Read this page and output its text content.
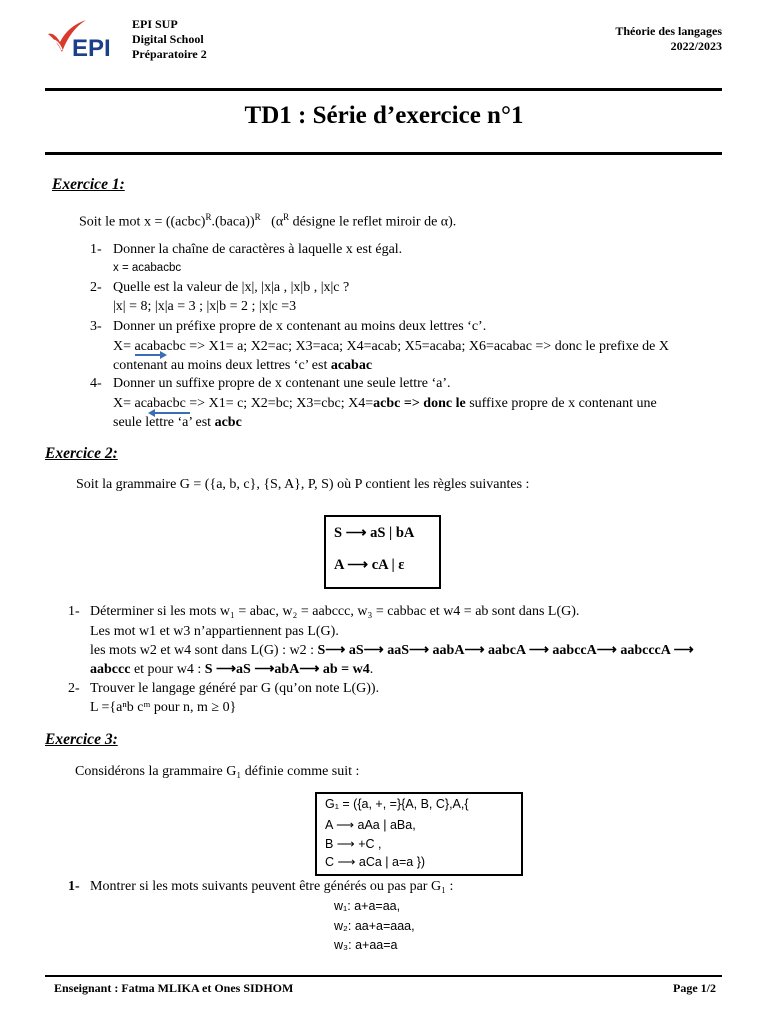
EPI
EPI SUP
Digital School
Préparatoire 2
Théorie des langages
2022/2023
TD1 : Série d’exercice n°1
Exercice 1:
Soit le mot x = ((acbc)$^R$.(baca))$^R$ ($\alpha^R$ désigne le reflet miroir de α).
1- Donner la chaîne de caractères à laquelle x est égal.
x = acabacbc
2- Quelle est la valeur de |x|, |x|a , |x|b , |x|c ?
|x| = 8; |x|a = 3 ; |x|b = 2 ; |x|c =3
3- Donner un préfixe propre de x contenant au moins deux lettres ‘c’.
X= acabacbc => X1= a; X2=ac; X3=aca; X4=acab; X5=acaba; X6=acabac => donc le prefixe de X
contenant au moins deux lettres ‘c’ est acabac
4- Donner un suffixe propre de x contenant une seule lettre ‘a’.
X= acabacbc => X1= c; X2=bc; X3=cbc; X4=acbc => donc le suffixe propre de x contenant une
seule lettre ‘a’ est acbc
Exercice 2:
Soit la grammaire G = ({a, b, c}, {S, A}, P, S) où P contient les règles suivantes :
S ⟶ aS | bA
A ⟶ cA | ε
1- Déterminer si les mots w₁ = abac, w₂ = aabccc, w₃ = cabbac et w4 = ab sont dans L(G).
Les mot w1 et w3 n’appartiennent pas L(G).
les mots w2 et w4 sont dans L(G) : w2 : S⟶ aS⟶ aaS⟶ aabA⟶ aabcA ⟶ aabccA⟶ aabcccA ⟶
aabccc et pour w4 : S ⟶aS ⟶abA⟶ ab = w4.
2- Trouver le langage généré par G (qu’on note L(G)).
L ={aⁿb cᵐ pour n, m ≥ 0}
Exercice 3:
Considérons la grammaire G₁ définie comme suit :
G₁ = ({a, +, =}{A, B, C},A,{
A ⟶ aAa | aBa,
B ⟶ +C ,
C ⟶ aCa | a=a })
1- Montrer si les mots suivants peuvent être générés ou pas par G₁ :
w₁: a+a=aa,
w₂: aa+a=aaa,
w₃: a+aa=a
Enseignant : Fatma MLIKA et Ones SIDHOM	Page 1/2
